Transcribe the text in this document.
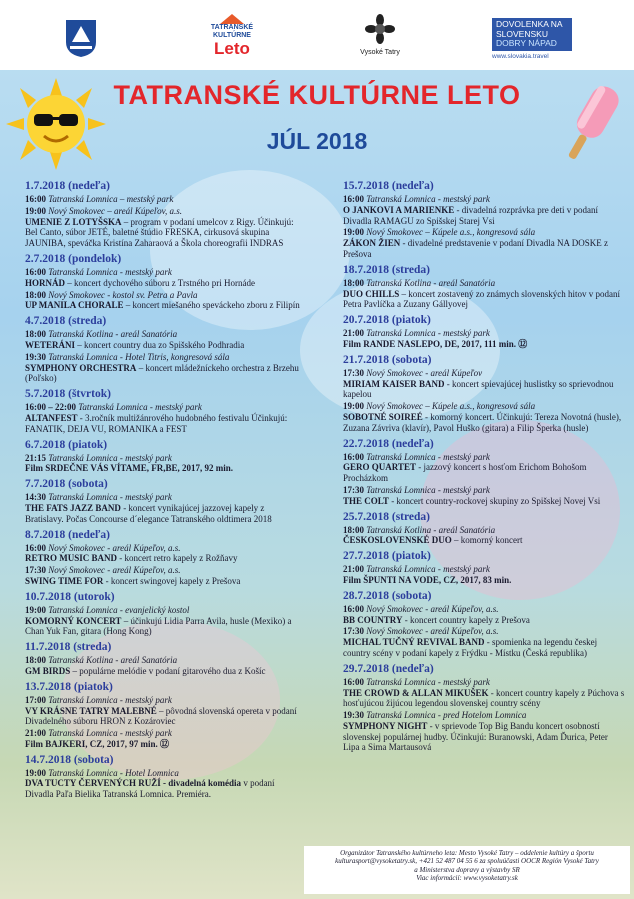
TATRANSKÉ
KULTÚRNE
Leto	Vysoké Tatry
DOVOLENKA NA
SLOVENSKU
DOBRY NÁPAD
www.slovakia.travel
TATRANSKÉ KULTÚRNE LETO
JÚL 2018
1.7.2018 (nedeľa)
16:00 Tatranská Lomnica – mestský park
19:00 Nový Smokovec – areál Kúpeľov, a.s.
UMENIE Z LOTYŠSKA – program v podaní umelcov z Rigy. Účinkujú: Bel Canto, súbor JETÉ, baletné štúdio FRESKA, cirkusová skupina JAUNIBA, speváčka Kristína Zaharaová a Škola choreografii INDRAS
2.7.2018 (pondelok)
16:00 Tatranská Lomnica - mestský park
HORNÁD – koncert dychového súboru z Trstného pri Hornáde
18:00 Nový Smokovec - kostol sv. Petra a Pavla
UP MANILA CHORALE – koncert miešaného speváckeho zboru z Filipín
4.7.2018 (streda)
18:00 Tatranská Kotlina - areál Sanatória
WETERÁNI – koncert country dua zo Spišského Podhradia
19:30 Tatranská Lomnica - Hotel Titris, kongresová sála
SYMPHONY ORCHESTRA – koncert mládežníckeho orchestra z Brzehu (Poľsko)
5.7.2018 (štvrtok)
16:00 – 22:00 Tatranská Lomnica - mestský park
ALTANFEST - 3.ročník multižánrového hudobného festivalu Účinkujú: FANATIK, DEJA VU, ROMANIKA a FEST
6.7.2018 (piatok)
21:15 Tatranská Lomnica - mestský park
Film SRDEČNE VÁS VÍTAME, FR,BE, 2017, 92 min.
7.7.2018 (sobota)
14:30 Tatranská Lomnica - mestský park
THE FATS JAZZ BAND - koncert vynikajúcej jazzovej kapely z Bratislavy. Počas Concourse d´elegance Tatranského oldtimera 2018
8.7.2018 (nedeľa)
16:00 Nový Smokovec - areál Kúpeľov, a.s.
RETRO MUSIC BAND - koncert retro kapely z Rožňavy
17:30 Nový Smokovec - areál Kúpeľov, a.s.
SWING TIME FOR - koncert swingovej kapely z Prešova
10.7.2018 (utorok)
19:00 Tatranská Lomnica - evanjelický kostol
KOMORNÝ KONCERT – účinkujú Lidia Parra Avila, husle (Mexiko) a Chan Yuk Fan, gitara (Hong Kong)
11.7.2018 (streda)
18:00 Tatranská Kotlina - areál Sanatória
GM BIRDS – populárne melódie v podaní gitarového dua z Košíc
13.7.2018 (piatok)
17:00 Tatranská Lomnica - mestský park
VY KRÁSNE TATRY MALEBNÉ – pôvodná slovenská opereta v podaní Divadelného súboru HRON z Kozároviec
21:00 Tatranská Lomnica - mestský park
Film BAJKERI, CZ, 2017, 97 min. ⑫
14.7.2018 (sobota)
19:00 Tatranská Lomnica - Hotel Lomnica
DVA TUCTY ČERVENÝCH RUŽÍ - divadelná komédia v podaní Divadla Paľa Bielika Tatranská Lomnica. Premiéra.
15.7.2018 (nedeľa)
16:00 Tatranská Lomnica - mestský park
O JANKOVI A MARIENKE - divadelná rozprávka pre deti v podaní Divadla RAMAGU zo Spišskej Starej Vsi
19:00 Nový Smokovec – Kúpele a.s., kongresová sála
ZÁKON ŽIEN - divadelné predstavenie v podaní Divadla NA DOSKE z Prešova
18.7.2018 (streda)
18:00 Tatranská Kotlina - areál Sanatória
DUO CHILLS – koncert zostavený zo známych slovenských hitov v podaní Petra Pavlíčka a Zuzany Gállyovej
20.7.2018 (piatok)
21:00 Tatranská Lomnica - mestský park
Film RANDE NASLEPO, DE, 2017, 111 min. ⑫
21.7.2018 (sobota)
17:30 Nový Smokovec - areál Kúpeľov
MIRIAM KAISER BAND - koncert spievajúcej huslistky so sprievodnou kapelou
19:00 Nový Smokovec – Kúpele a.s., kongresová sála
SOBOTNÉ SOIREÉ - komorný koncert. Účinkujú: Tereza Novotná (husle), Zuzana Závriva (klavír), Pavol Huško (gitara) a Filip Šperka (husle)
22.7.2018 (nedeľa)
16:00 Tatranská Lomnica - mestský park
GERO QUARTET - jazzový koncert s hosťom Erichom Bohošom Procházkom
17:30 Tatranská Lomnica - mestský park
THE COLT - koncert country-rockovej skupiny zo Spišskej Novej Vsi
25.7.2018 (streda)
18:00 Tatranská Kotlina - areál Sanatória
ČESKOSLOVENSKÉ DUO – komorný koncert
27.7.2018 (piatok)
21:00 Tatranská Lomnica - mestský park
Film ŠPUNTI NA VODE, CZ, 2017, 83 min.
28.7.2018 (sobota)
16:00 Nový Smokovec - areál Kúpeľov, a.s.
BB COUNTRY - koncert country kapely z Prešova
17:30 Nový Smokovec - areál Kúpeľov, a.s.
MICHAL TUČNÝ REVIVAL BAND - spomienka na legendu českej country scény v podaní kapely z Frýdku - Místku (Česká republika)
29.7.2018 (nedeľa)
16:00 Tatranská Lomnica - mestský park
THE CROWD & ALLAN MIKUŠEK - koncert country kapely z Púchova s hosťujúcou žijúcou legendou slovenskej country scény
19:30 Tatranská Lomnica - pred Hotelom Lomnica
SYMPHONY NIGHT - v sprievode Top Big Bandu koncert osobností slovenskej populárnej hudby. Účinkujú: Buranowski, Adam Ďurica, Peter Lipa a Sima Martausová
Organizátor Tatranského kultúrneho leta: Mesto Vysoké Tatry – oddelenie kultúry a športu
kulturasport@vysoketatry.sk, +421 52 487 04 55 6 za spoluúčasti OOCR Región Vysoké Tatry
a Ministerstva dopravy a výstavby SR
Viac informácií: www.vysoketatry.sk
